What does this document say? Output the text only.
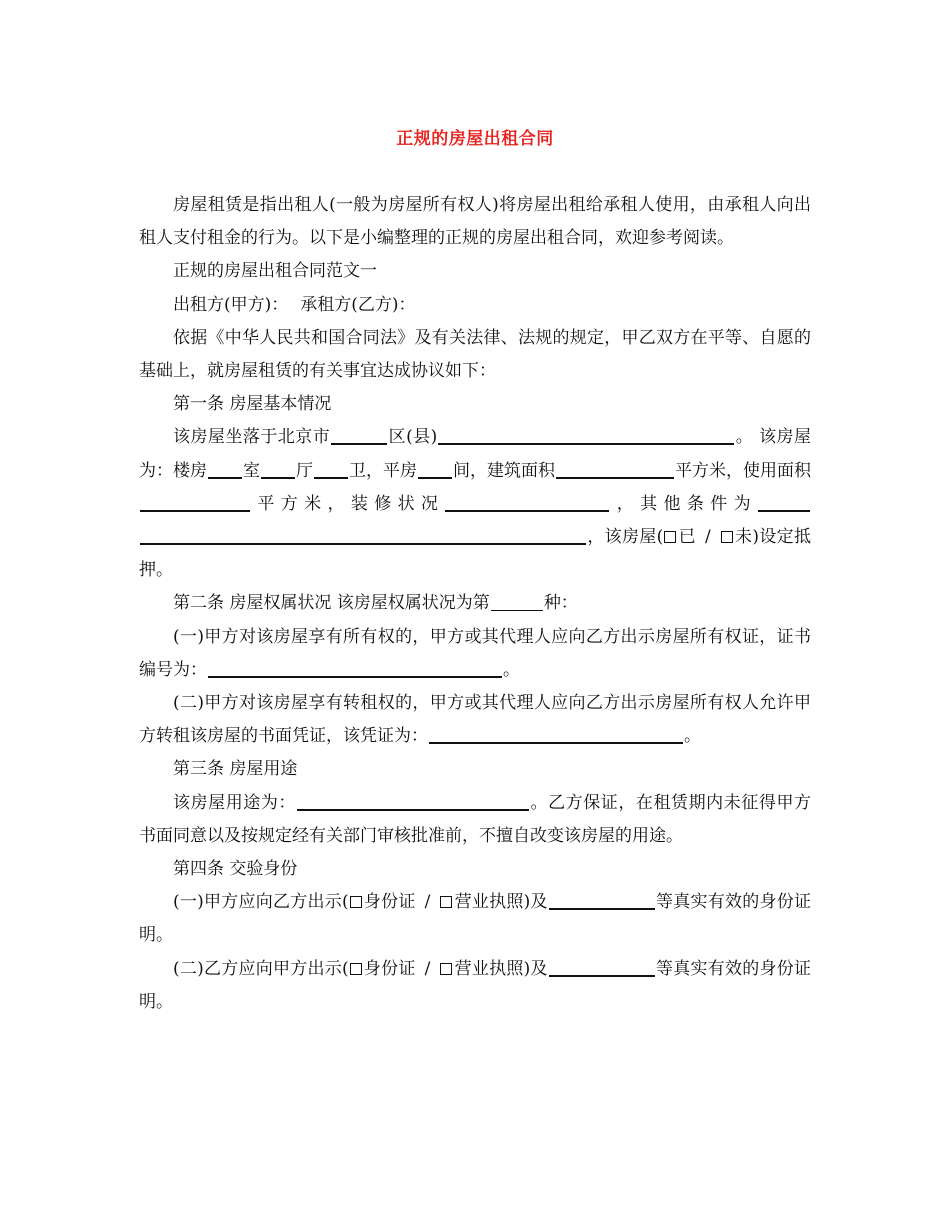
正规的房屋出租合同

房屋租赁是指出租人(一般为房屋所有权人)将房屋出租给承租人使用，由承租人向出租人支付租金的行为。以下是小编整理的正规的房屋出租合同，欢迎参考阅读。

正规的房屋出租合同范文一

出租方(甲方)： 承租方(乙方)：

依据《中华人民共和国合同法》及有关法律、法规的规定，甲乙双方在平等、自愿的基础上，就房屋租赁的有关事宜达成协议如下：

第一条 房屋基本情况

该房屋坐落于北京市	区(县)	。 该房屋为：楼房 室 厅 卫，平房 间，建筑面积	平方米，使用面积平方米，装修状况	，其他条件为，该房屋( 已 / 未)设定抵押。

第二条 房屋权属状况 该房屋权属状况为第	种：

(一)甲方对该房屋享有所有权的，甲方或其代理人应向乙方出示房屋所有权证，证书编号为：	。

(二)甲方对该房屋享有转租权的，甲方或其代理人应向乙方出示房屋所有权人允许甲方转租该房屋的书面凭证，该凭证为：	。

第三条 房屋用途

该房屋用途为：	。乙方保证，在租赁期内未征得甲方书面同意以及按规定经有关部门审核批准前，不擅自改变该房屋的用途。

第四条 交验身份

(一)甲方应向乙方出示( 身份证 / 营业执照)及	等真实有效的身份证明。

(二)乙方应向甲方出示( 身份证 / 营业执照)及	等真实有效的身份证明。
